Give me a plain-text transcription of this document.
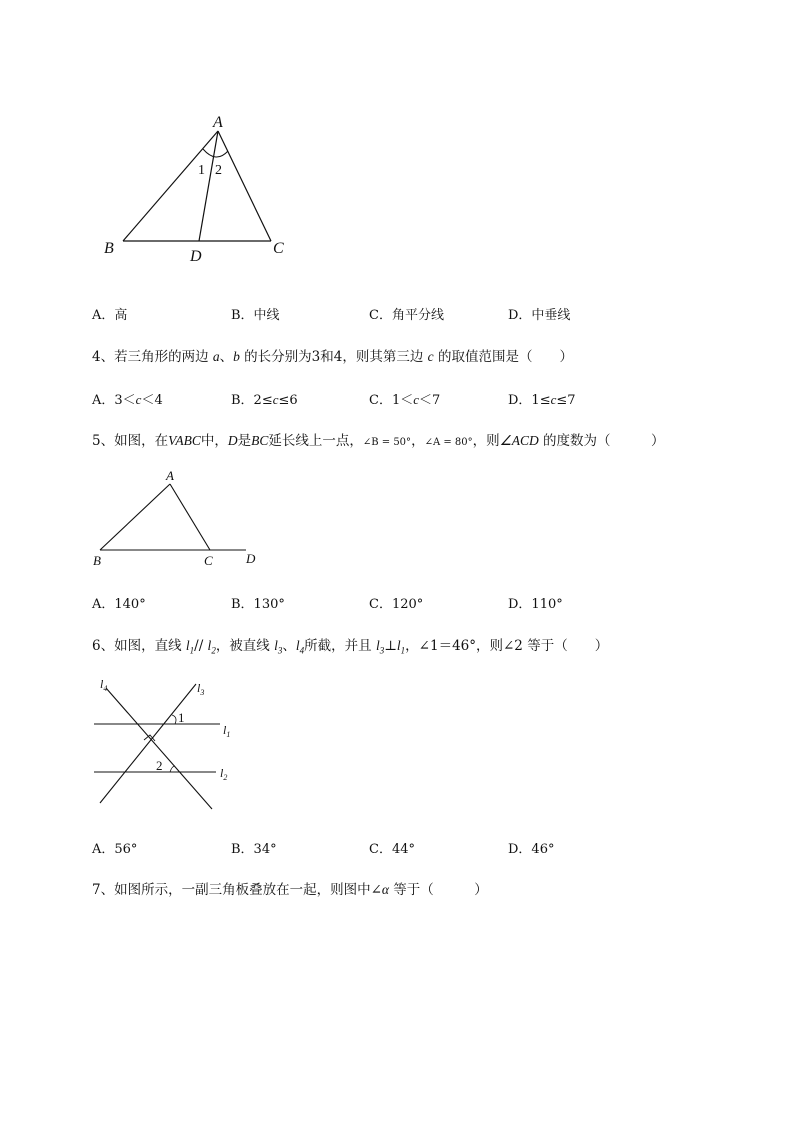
A
B	C
D
1 2
A．高	B．中线	C．角平分线	D．中垂线
4、若三角形的两边 a、b 的长分别为3和4，则其第三边 c 的取值范围是（　　）
A．3＜c＜4	B．2≤c≤6	C．1＜c＜7	D．1≤c≤7
5、如图，在VABC中，D是BC延长线上一点，∠B = 50°，∠A = 80°，则∠ACD 的度数为（　　　）
A
B	C	D
A．140°	B．130°	C．120°	D．110°
6、如图，直线 $l_1//$ $l_2$，被直线 $l_3$、$l_4$所截，并且 $l_3\perp l_1$，∠1＝46°，则∠2 等于（　　）
$l_4$	$l_3$
$l_1$
$l_2$
1
2
A．56°	B．34°	C．44°	D．46°
7、如图所示，一副三角板叠放在一起，则图中∠α 等于（　　　）
